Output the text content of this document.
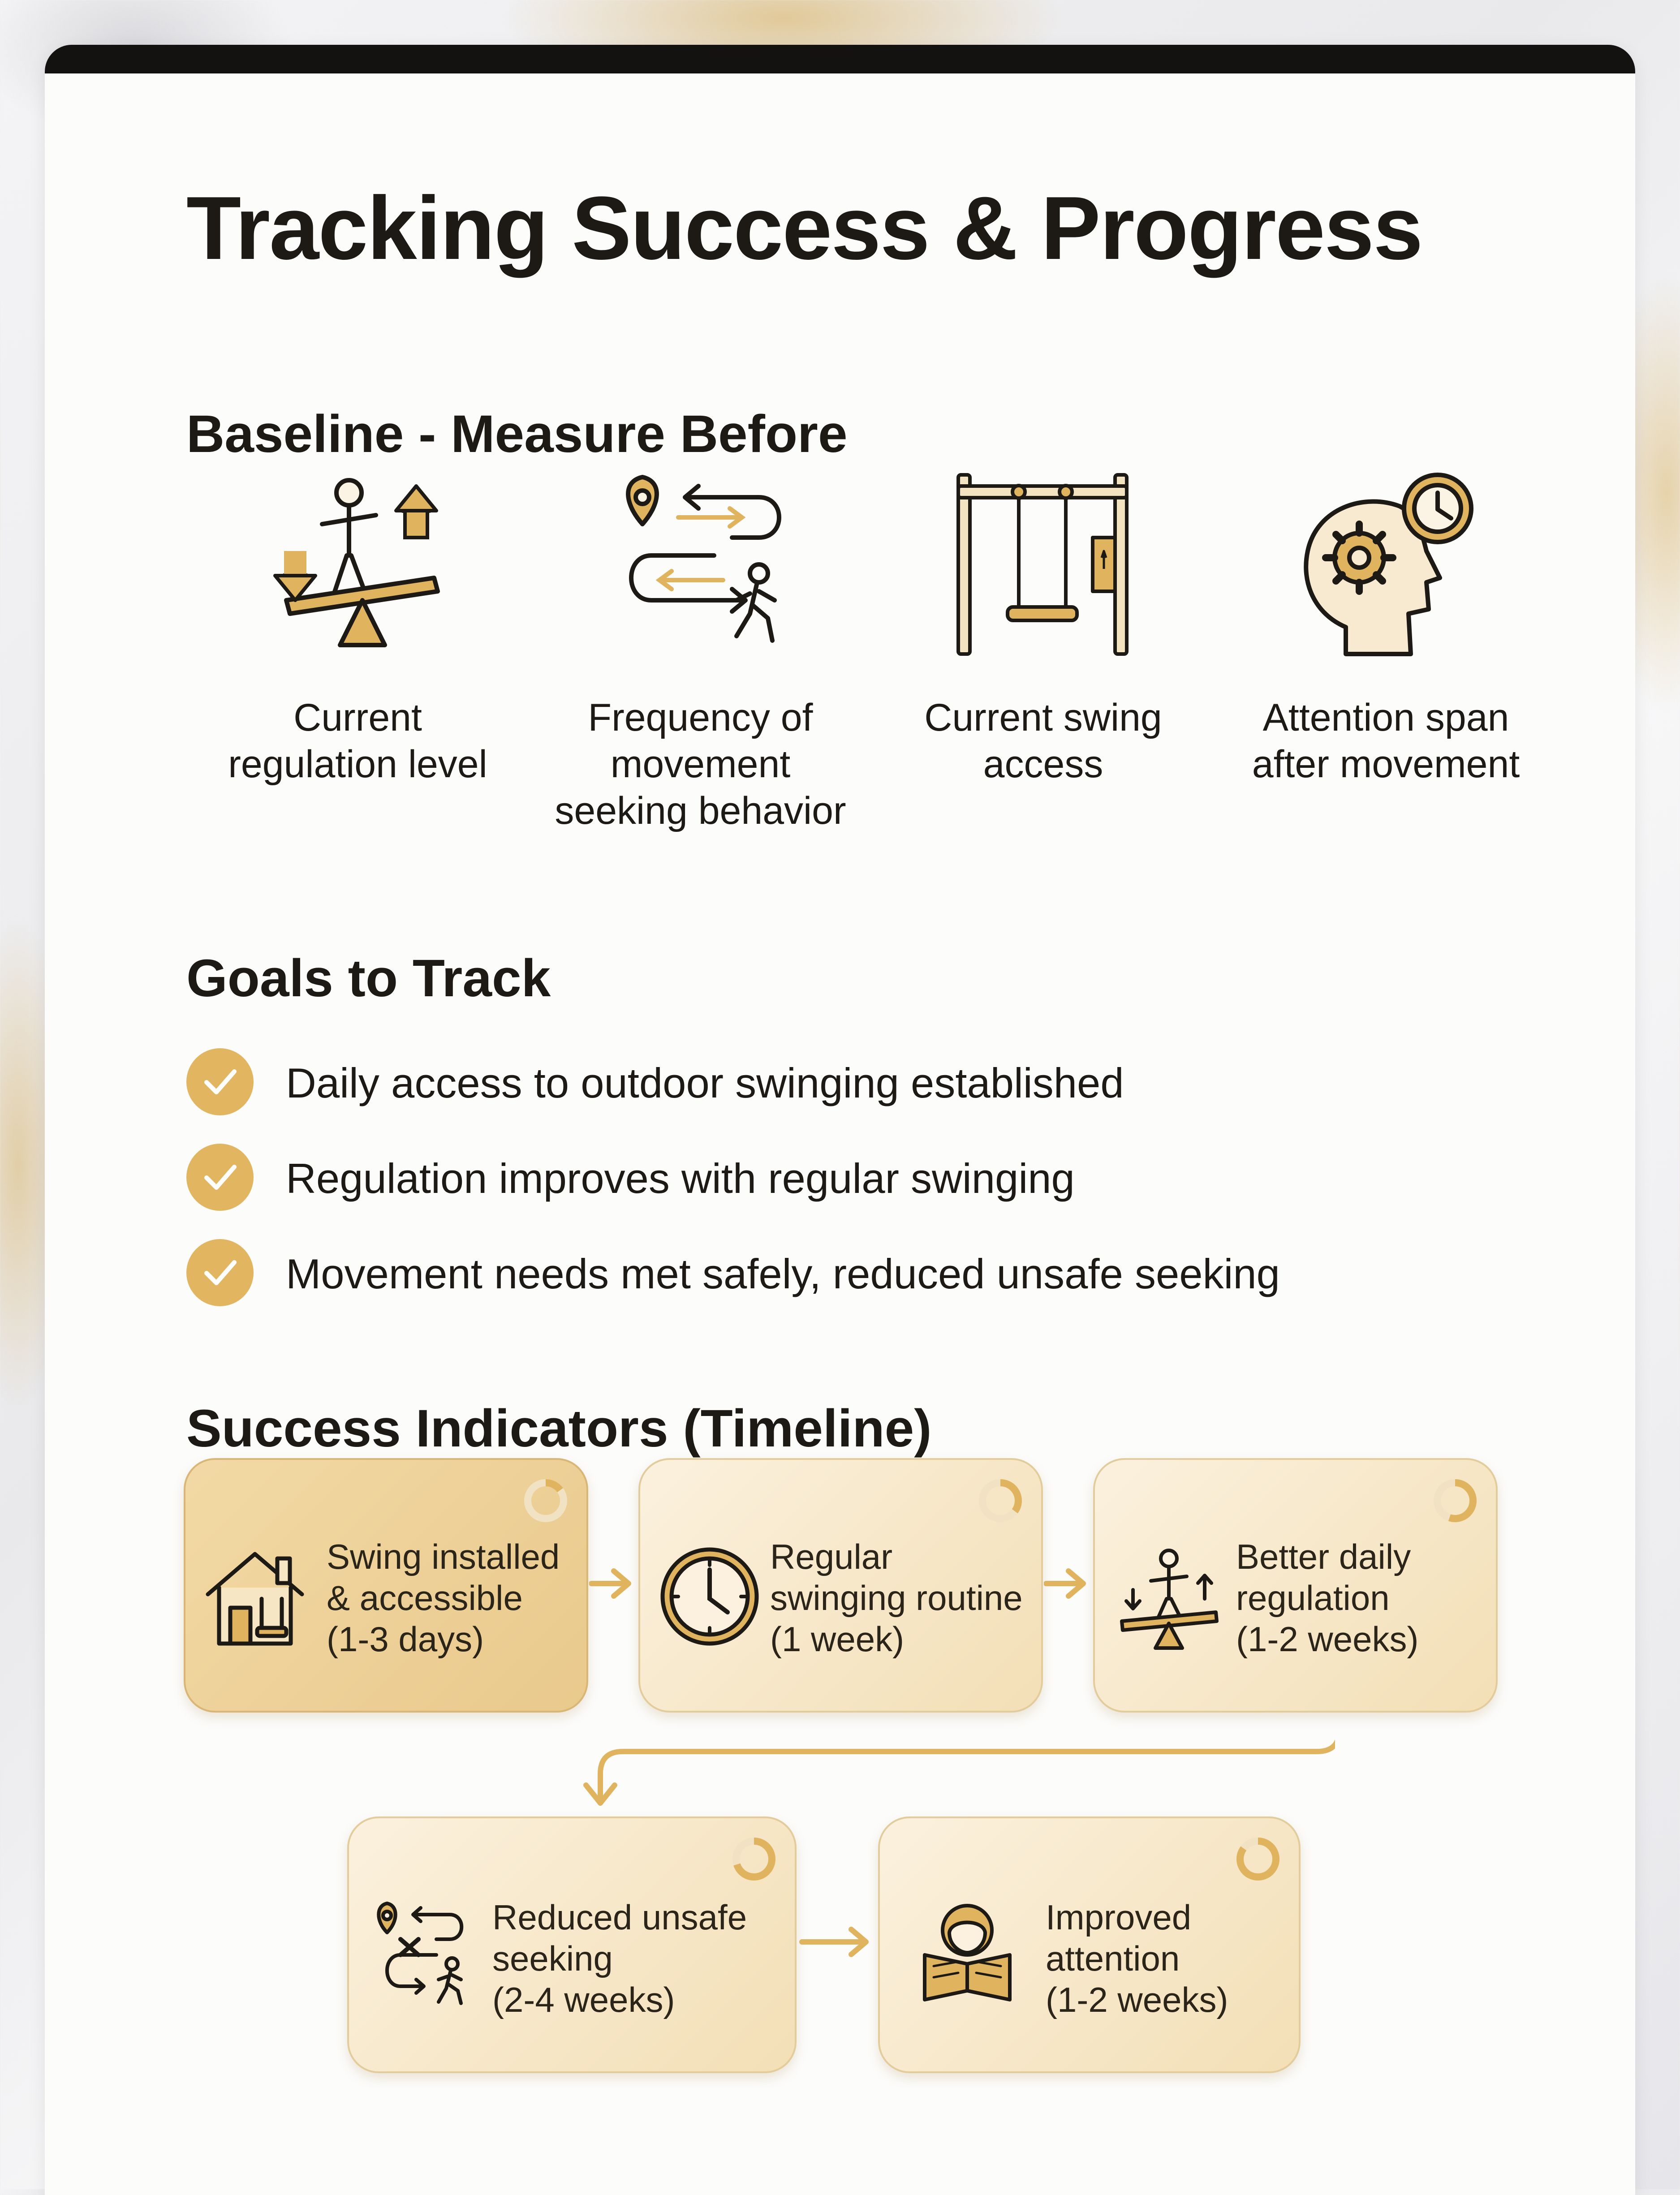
Tracking Success & Progress
Baseline - Measure Before
Current
regulation level
Frequency of
movement
seeking behavior
Current swing
access
Attention span
after movement
Goals to Track
Daily access to outdoor swinging established
Regulation improves with regular swinging
Movement needs met safely, reduced unsafe seeking
Success Indicators (Timeline)
Swing installed
& accessible
(1-3 days)
Regular
swinging routine
(1 week)
Better daily
regulation
(1-2 weeks)
Reduced unsafe
seeking
(2-4 weeks)
Improved
attention
(1-2 weeks)
